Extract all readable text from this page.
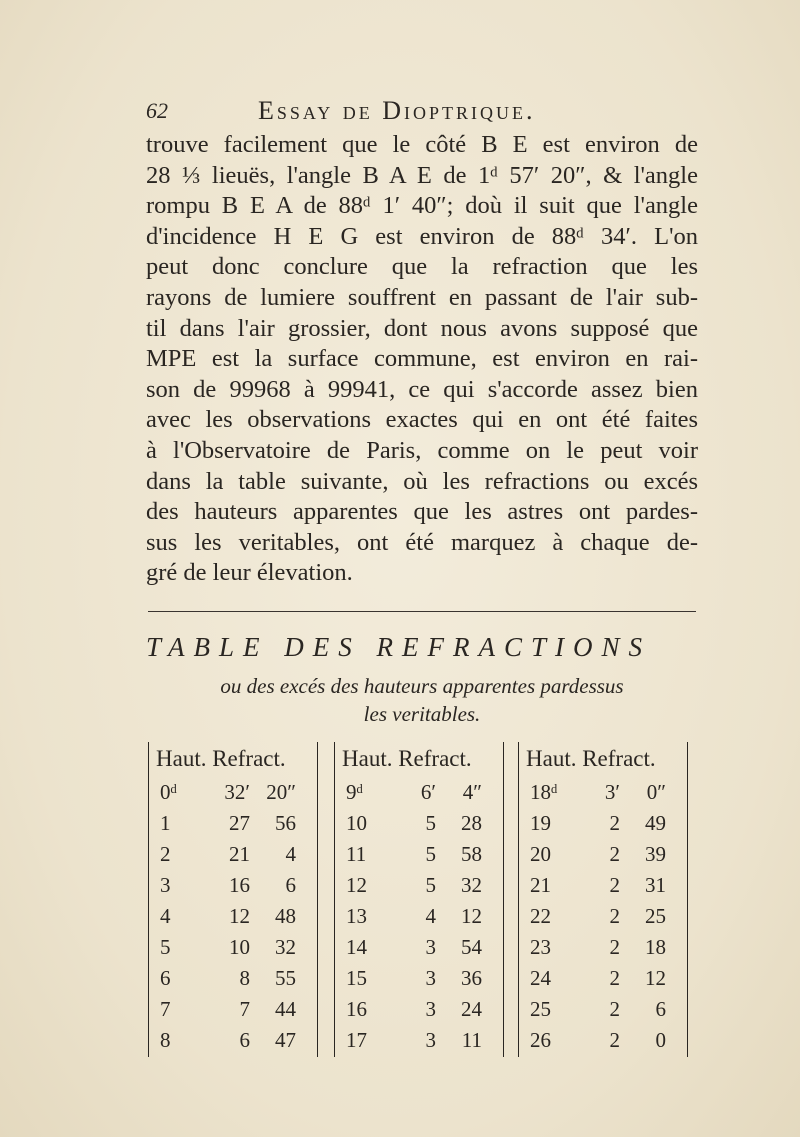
62	Essay de Dioptrique.
trouve facilement que le côté B E est environ de
28 ⅓ lieuës, l'angle B A E de 1ᵈ 57′ 20″, & l'angle
rompu B E A de 88ᵈ 1′ 40″; doù il suit que l'angle
d'incidence H E G est environ de 88ᵈ 34′. L'on
peut donc conclure que la refraction que les
rayons de lumiere souffrent en passant de l'air sub-
til dans l'air grossier, dont nous avons supposé que
MPE est la surface commune, est environ en rai-
son de 99968 à 99941, ce qui s'accorde assez bien
avec les observations exactes qui en ont été faites
à l'Observatoire de Paris, comme on le peut voir
dans la table suivante, où les refractions ou excés
des hauteurs apparentes que les astres ont pardes-
sus les veritables, ont été marquez à chaque de-
gré de leur élevation.
TABLE DES REFRACTIONS
ou des excés des hauteurs apparentes pardessus
les veritables.
Haut. Refract.
0ᵈ	32′ 20″
1	27	56
2	21	4
3	16	6
4	12	48
5	10	32
6	8	55
7	7	44
8	6	47
Haut. Refract.
9ᵈ	6′	4″
10	5	28
11	5	58
12	5	32
13	4	12
14	3	54
15	3	36
16	3	24
17	3	11
Haut. Refract.
18ᵈ	3′	0″
19	2	49
20	2	39
21	2	31
22	2	25
23	2	18
24	2	12
25	2	6
26	2	0
